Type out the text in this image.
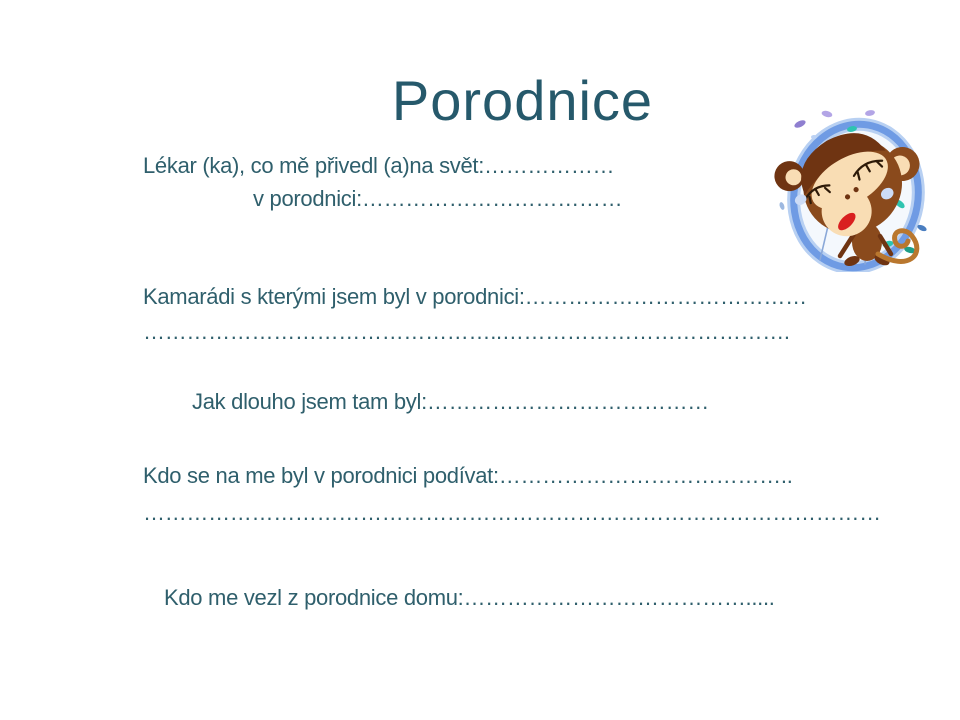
Porodnice
Lékar (ka), co mě přivedl (a)na svět:………………
v porodnici:………………………………
Kamarádi s kterými jsem byl v porodnici:…………………………………
…………………………………………..………………………………….
Jak dlouho jsem tam byl:…………………………………
Kdo se na me byl v porodnici podívat:…………………………………..
…………………………………………………………………………………………
Kdo me vezl z porodnice domu:………………………………….....
